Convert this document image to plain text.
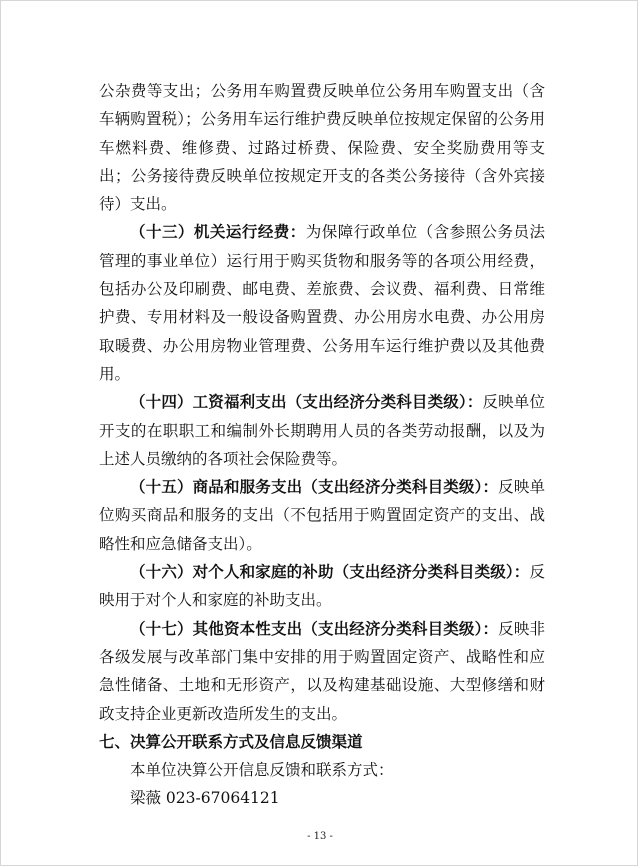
公杂费等支出；公务用车购置费反映单位公务用车购置支出（含车辆购置税）；公务用车运行维护费反映单位按规定保留的公务用车燃料费、维修费、过路过桥费、保险费、安全奖励费用等支出；公务接待费反映单位按规定开支的各类公务接待（含外宾接待）支出。

（十三）机关运行经费：为保障行政单位（含参照公务员法管理的事业单位）运行用于购买货物和服务等的各项公用经费，包括办公及印刷费、邮电费、差旅费、会议费、福利费、日常维护费、专用材料及一般设备购置费、办公用房水电费、办公用房取暖费、办公用房物业管理费、公务用车运行维护费以及其他费用。

（十四）工资福利支出（支出经济分类科目类级）：反映单位开支的在职职工和编制外长期聘用人员的各类劳动报酬，以及为上述人员缴纳的各项社会保险费等。

（十五）商品和服务支出（支出经济分类科目类级）：反映单位购买商品和服务的支出（不包括用于购置固定资产的支出、战略性和应急储备支出）。

（十六）对个人和家庭的补助（支出经济分类科目类级）：反映用于对个人和家庭的补助支出。

（十七）其他资本性支出（支出经济分类科目类级）：反映非各级发展与改革部门集中安排的用于购置固定资产、战略性和应急性储备、土地和无形资产，以及构建基础设施、大型修缮和财政支持企业更新改造所发生的支出。

七、决算公开联系方式及信息反馈渠道

本单位决算公开信息反馈和联系方式：

梁薇 023-67064121

- 13 -
